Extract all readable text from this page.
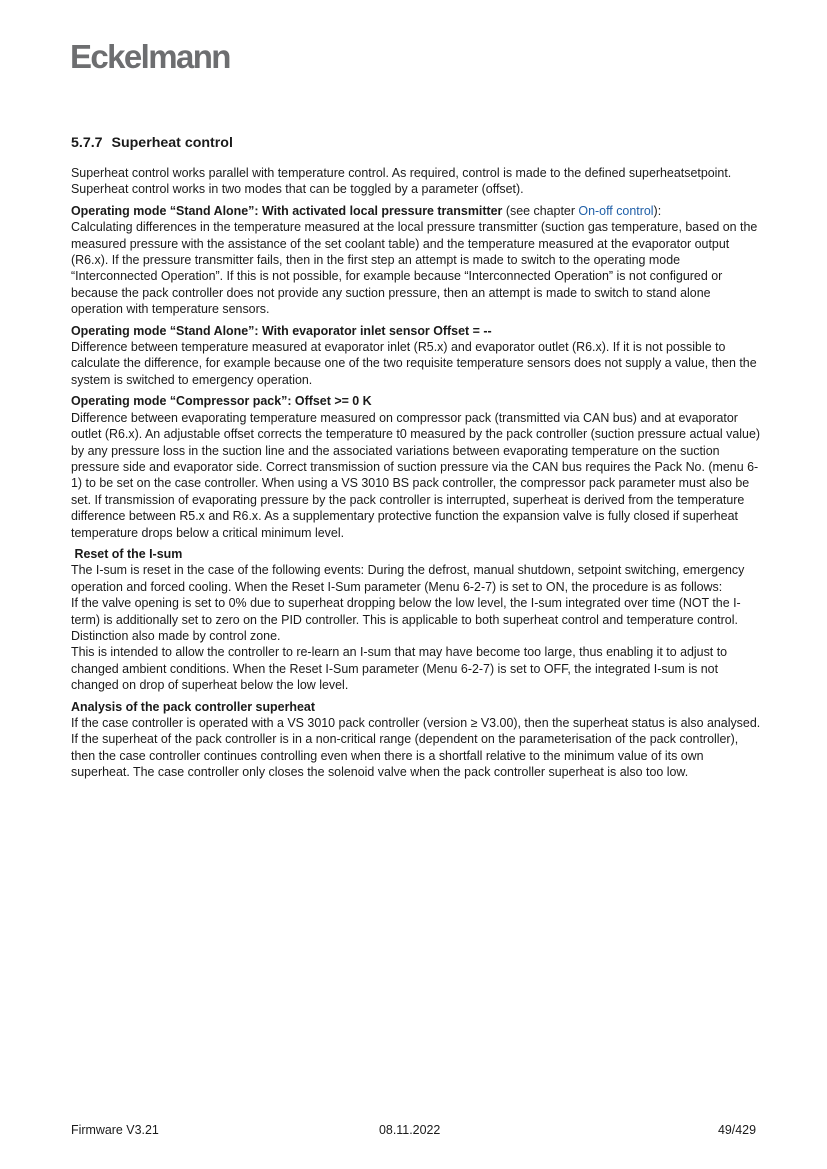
Eckelmann
5.7.7 Superheat control

Superheat control works parallel with temperature control. As required, control is made to the defined superheatsetpoint. Superheat control works in two modes that can be toggled by a parameter (offset).

Operating mode “Stand Alone”: With activated local pressure transmitter (see chapter On-off control):
Calculating differences in the temperature measured at the local pressure transmitter (suction gas temperature, based on the measured pressure with the assistance of the set coolant table) and the temperature measured at the evaporator output (R6.x). If the pressure transmitter fails, then in the first step an attempt is made to switch to the operating mode “Interconnected Operation”. If this is not possible, for example because “Interconnected Operation” is not configured or because the pack controller does not provide any suction pressure, then an attempt is made to switch to stand alone operation with temperature sensors.

Operating mode “Stand Alone”: With evaporator inlet sensor Offset = --
Difference between temperature measured at evaporator inlet (R5.x) and evaporator outlet (R6.x). If it is not possible to calculate the difference, for example because one of the two requisite temperature sensors does not supply a value, then the system is switched to emergency operation.

Operating mode “Compressor pack”: Offset >= 0 K
Difference between evaporating temperature measured on compressor pack (transmitted via CAN bus) and at evaporator outlet (R6.x). An adjustable offset corrects the temperature t0 measured by the pack controller (suction pressure actual value) by any pressure loss in the suction line and the associated variations between evaporating temperature on the suction pressure side and evaporator side. Correct transmission of suction pressure via the CAN bus requires the Pack No. (menu 6-1) to be set on the case controller. When using a VS 3010 BS pack controller, the compressor pack parameter must also be set. If transmission of evaporating pressure by the pack controller is interrupted, superheat is derived from the temperature difference between R5.x and R6.x. As a supplementary protective function the expansion valve is fully closed if superheat temperature drops below a critical minimum level.

Reset of the I-sum
The I-sum is reset in the case of the following events: During the defrost, manual shutdown, setpoint switching, emergency operation and forced cooling. When the Reset I-Sum parameter (Menu 6-2-7) is set to ON, the procedure is as follows:
If the valve opening is set to 0% due to superheat dropping below the low level, the I-sum integrated over time (NOT the I-term) is additionally set to zero on the PID controller. This is applicable to both superheat control and temperature control. Distinction also made by control zone.
This is intended to allow the controller to re-learn an I-sum that may have become too large, thus enabling it to adjust to changed ambient conditions. When the Reset I-Sum parameter (Menu 6-2-7) is set to OFF, the integrated I-sum is not changed on drop of superheat below the low level.

Analysis of the pack controller superheat
If the case controller is operated with a VS 3010 pack controller (version ≥ V3.00), then the superheat status is also analysed.
If the superheat of the pack controller is in a non-critical range (dependent on the parameterisation of the pack controller), then the case controller continues controlling even when there is a shortfall relative to the minimum value of its own superheat. The case controller only closes the solenoid valve when the pack controller superheat is also too low.

Firmware V3.21	08.11.2022	49/429
